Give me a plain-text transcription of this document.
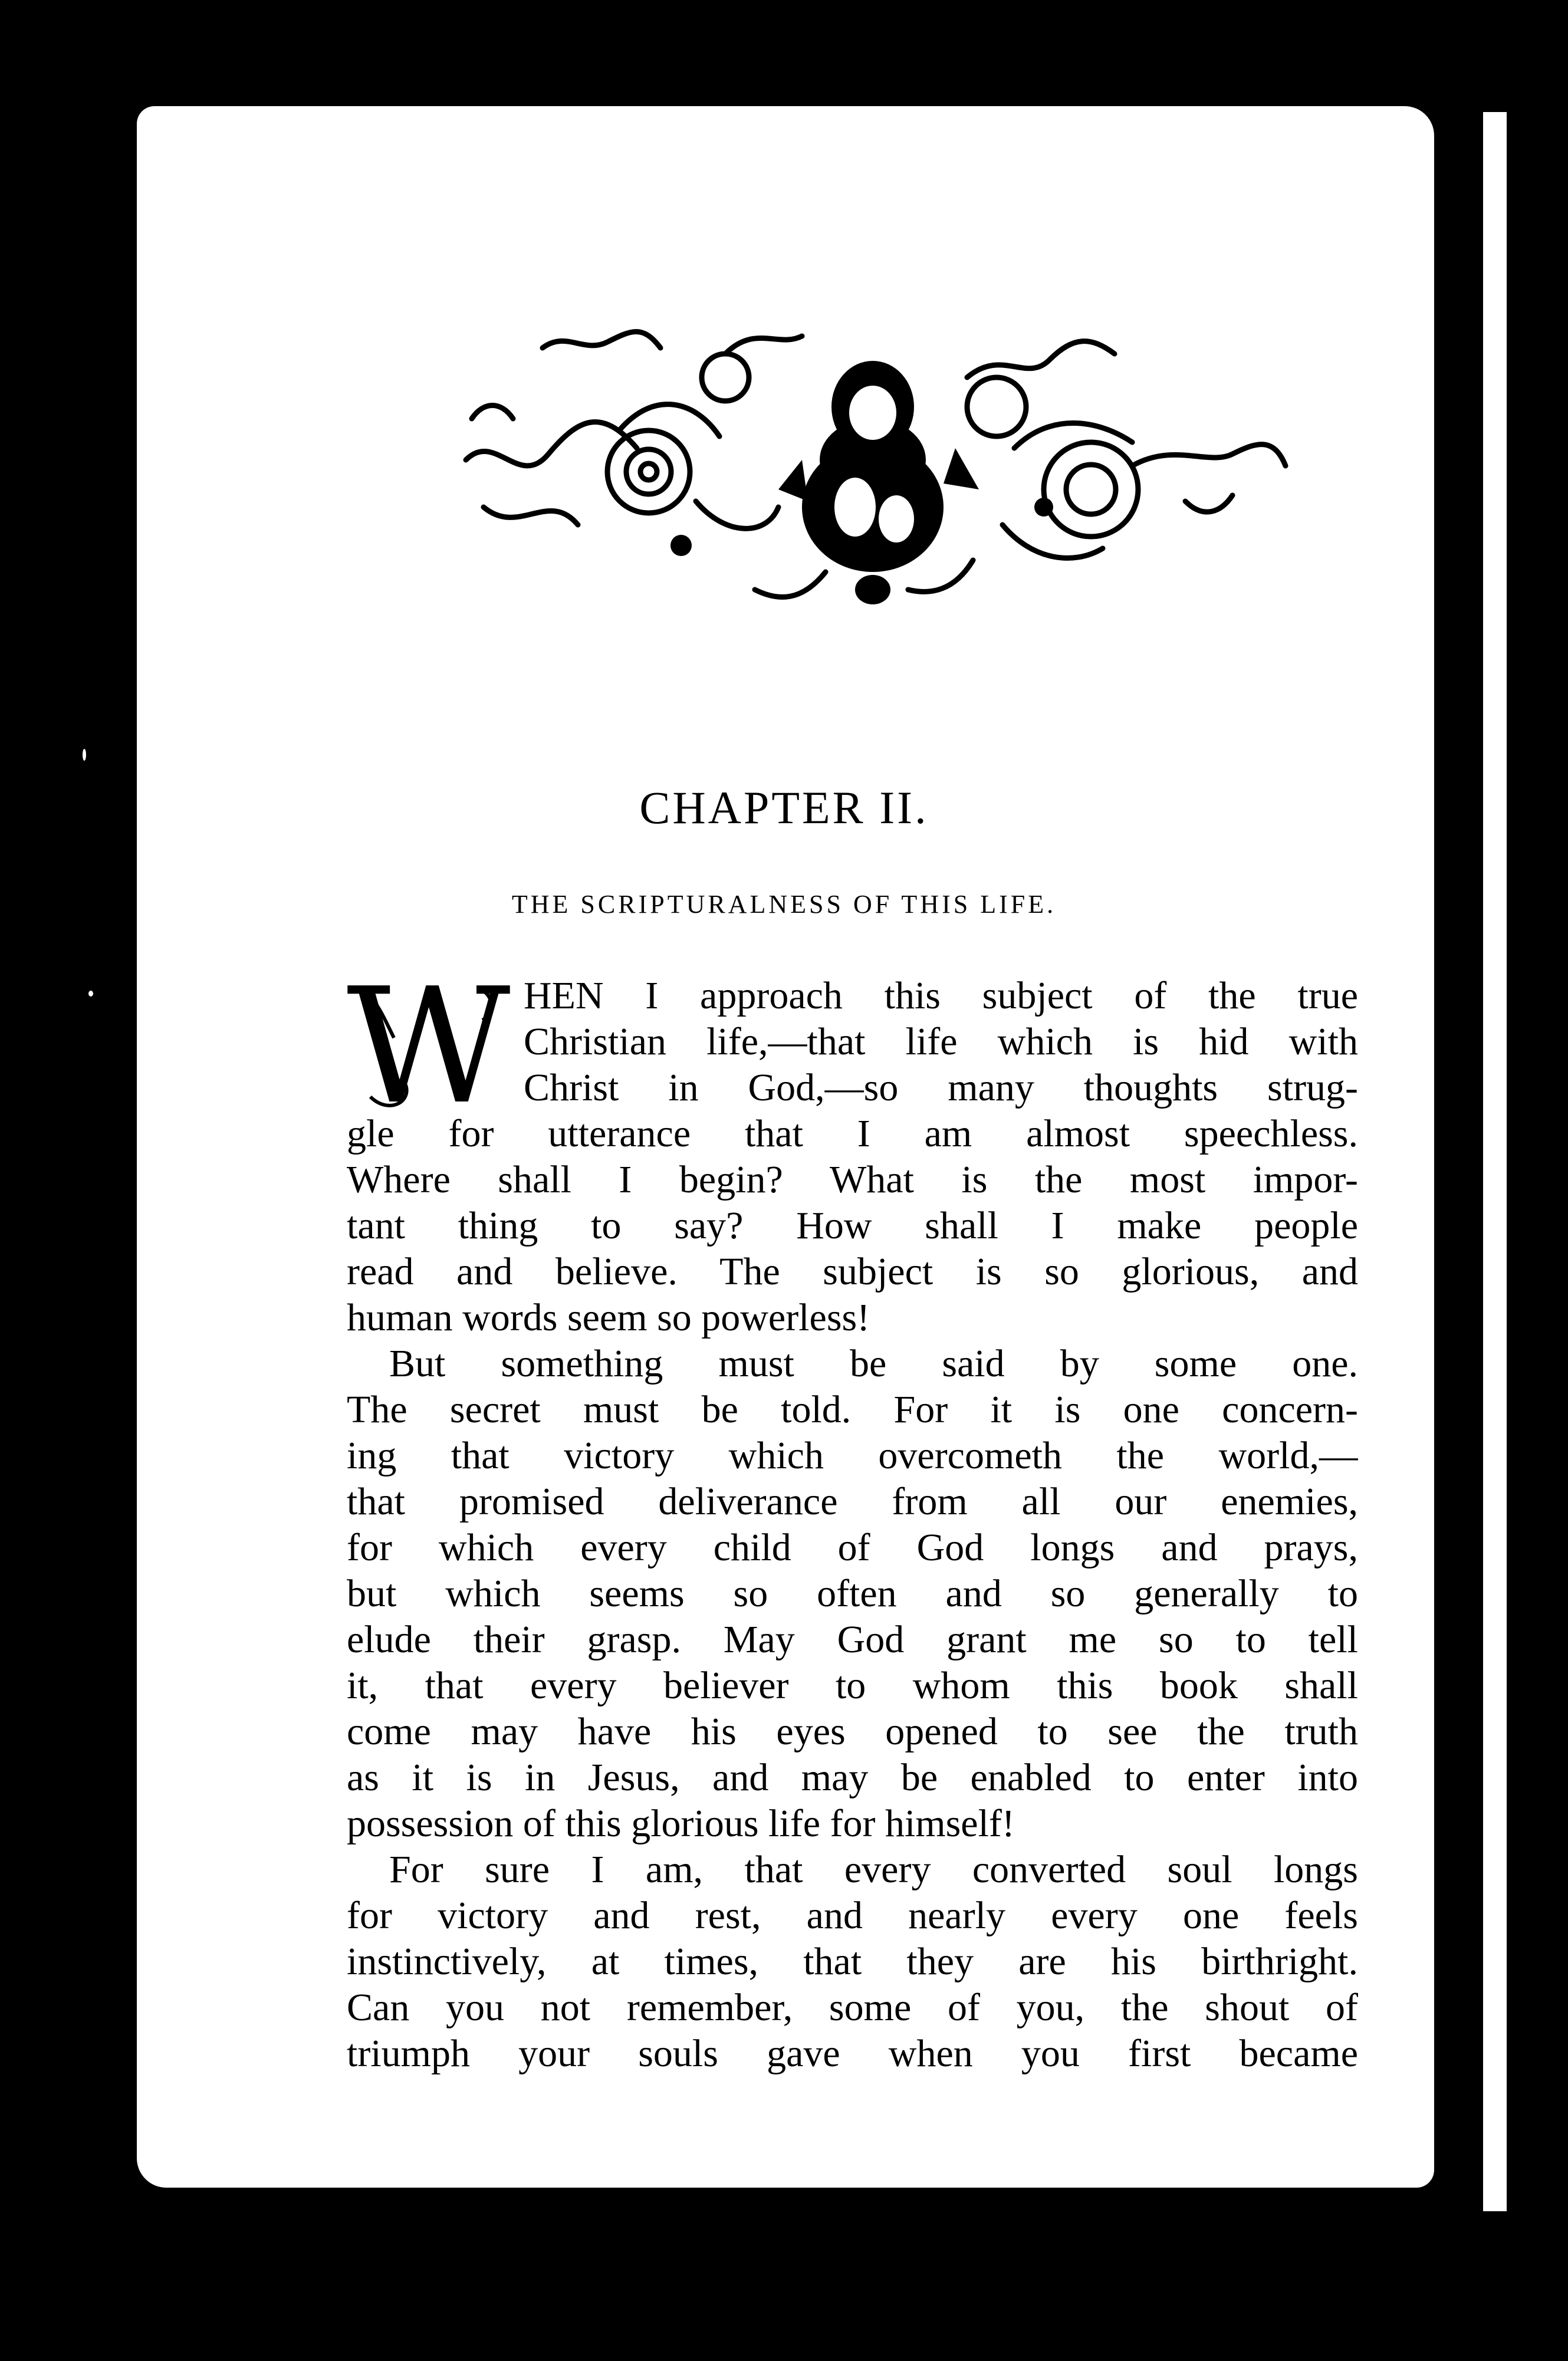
CHAPTER II.
THE SCRIPTURALNESS OF THIS LIFE.
W HEN I approach this subject of the true
Christian life,—that life which is hid with
Christ in God,—so many thoughts strug-
gle for utterance that I am almost speechless.
Where shall I begin? What is the most impor-
tant thing to say? How shall I make people
read and believe. The subject is so glorious, and
human words seem so powerless!
But something must be said by some one.
The secret must be told. For it is one concern-
ing that victory which overcometh the world,—
that promised deliverance from all our enemies,
for which every child of God longs and prays,
but which seems so often and so generally to
elude their grasp. May God grant me so to tell
it, that every believer to whom this book shall
come may have his eyes opened to see the truth
as it is in Jesus, and may be enabled to enter into
possession of this glorious life for himself!
For sure I am, that every converted soul longs
for victory and rest, and nearly every one feels
instinctively, at times, that they are his birthright.
Can you not remember, some of you, the shout of
triumph your souls gave when you first became
